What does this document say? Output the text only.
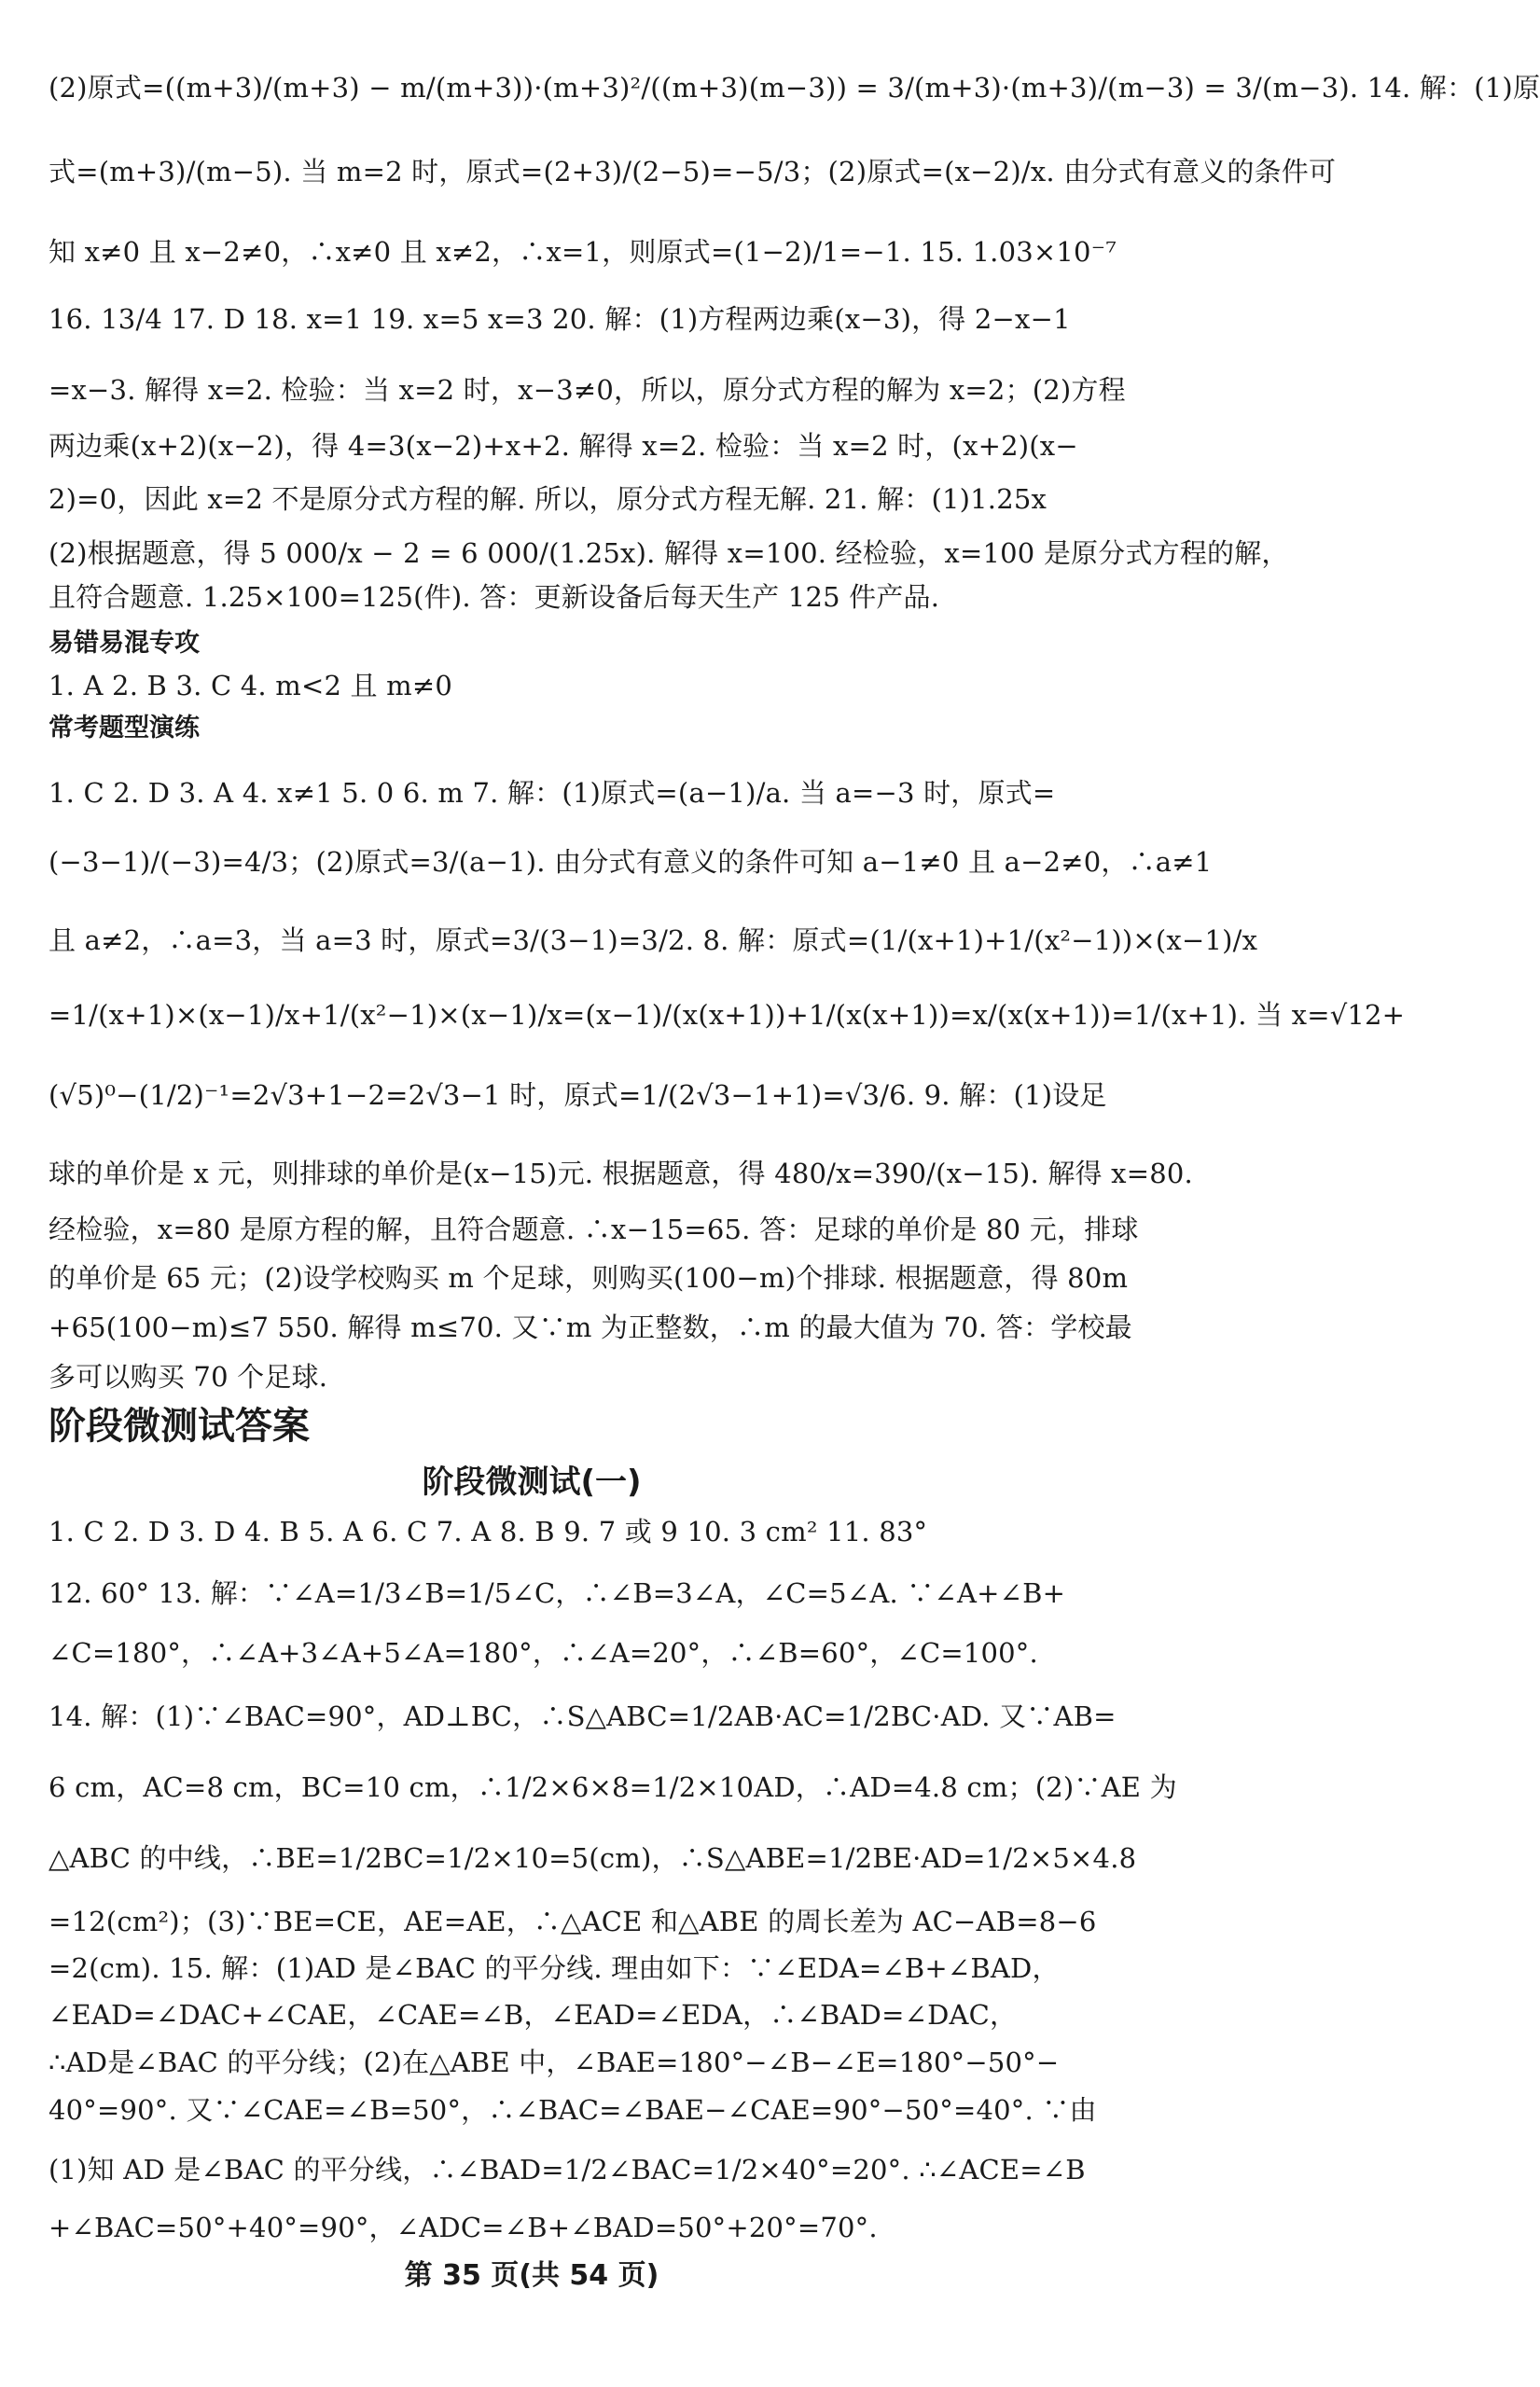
(2)原式=((m+3)/(m+3) − m/(m+3))·(m+3)²/((m+3)(m−3)) = 3/(m+3)·(m+3)/(m−3) = 3/(m−3). 14. 解：(1)原
式=(m+3)/(m−5). 当 m=2 时，原式=(2+3)/(2−5)=−5/3；(2)原式=(x−2)/x. 由分式有意义的条件可
知 x≠0 且 x−2≠0，∴x≠0 且 x≠2，∴x=1，则原式=(1−2)/1=−1. 15. 1.03×10⁻⁷
16. 13/4 17. D 18. x=1 19. x=5 x=3 20. 解：(1)方程两边乘(x−3)，得 2−x−1
=x−3. 解得 x=2. 检验：当 x=2 时，x−3≠0，所以，原分式方程的解为 x=2；(2)方程
两边乘(x+2)(x−2)，得 4=3(x−2)+x+2. 解得 x=2. 检验：当 x=2 时，(x+2)(x−
2)=0，因此 x=2 不是原分式方程的解. 所以，原分式方程无解. 21. 解：(1)1.25x
(2)根据题意，得 5 000/x − 2 = 6 000/(1.25x). 解得 x=100. 经检验，x=100 是原分式方程的解，
且符合题意. 1.25×100=125(件). 答：更新设备后每天生产 125 件产品.
易错易混专攻
1. A 2. B 3. C 4. m<2 且 m≠0
常考题型演练
1. C 2. D 3. A 4. x≠1 5. 0 6. m 7. 解：(1)原式=(a−1)/a. 当 a=−3 时，原式=
(−3−1)/(−3)=4/3；(2)原式=3/(a−1). 由分式有意义的条件可知 a−1≠0 且 a−2≠0，∴a≠1
且 a≠2，∴a=3，当 a=3 时，原式=3/(3−1)=3/2. 8. 解：原式=(1/(x+1)+1/(x²−1))×(x−1)/x
=1/(x+1)×(x−1)/x+1/(x²−1)×(x−1)/x=(x−1)/(x(x+1))+1/(x(x+1))=x/(x(x+1))=1/(x+1). 当 x=√12+
(√5)⁰−(1/2)⁻¹=2√3+1−2=2√3−1 时，原式=1/(2√3−1+1)=√3/6. 9. 解：(1)设足
球的单价是 x 元，则排球的单价是(x−15)元. 根据题意，得 480/x=390/(x−15). 解得 x=80.
经检验，x=80 是原方程的解，且符合题意. ∴x−15=65. 答：足球的单价是 80 元，排球
的单价是 65 元；(2)设学校购买 m 个足球，则购买(100−m)个排球. 根据题意，得 80m
+65(100−m)≤7 550. 解得 m≤70. 又∵m 为正整数，∴m 的最大值为 70. 答：学校最
多可以购买 70 个足球.
阶段微测试答案
阶段微测试(一)
1. C 2. D 3. D 4. B 5. A 6. C 7. A 8. B 9. 7 或 9 10. 3 cm² 11. 83°
12. 60° 13. 解：∵∠A=1/3∠B=1/5∠C，∴∠B=3∠A，∠C=5∠A. ∵∠A+∠B+
∠C=180°，∴∠A+3∠A+5∠A=180°，∴∠A=20°，∴∠B=60°，∠C=100°.
14. 解：(1)∵∠BAC=90°，AD⊥BC，∴S△ABC=1/2AB·AC=1/2BC·AD. 又∵AB=
6 cm，AC=8 cm，BC=10 cm，∴1/2×6×8=1/2×10AD，∴AD=4.8 cm；(2)∵AE 为
△ABC 的中线，∴BE=1/2BC=1/2×10=5(cm)，∴S△ABE=1/2BE·AD=1/2×5×4.8
=12(cm²)；(3)∵BE=CE，AE=AE，∴△ACE 和△ABE 的周长差为 AC−AB=8−6
=2(cm). 15. 解：(1)AD 是∠BAC 的平分线. 理由如下：∵∠EDA=∠B+∠BAD，
∠EAD=∠DAC+∠CAE，∠CAE=∠B，∠EAD=∠EDA，∴∠BAD=∠DAC，
∴AD是∠BAC 的平分线；(2)在△ABE 中，∠BAE=180°−∠B−∠E=180°−50°−
40°=90°. 又∵∠CAE=∠B=50°，∴∠BAC=∠BAE−∠CAE=90°−50°=40°. ∵由
(1)知 AD 是∠BAC 的平分线，∴∠BAD=1/2∠BAC=1/2×40°=20°. ∴∠ACE=∠B
+∠BAC=50°+40°=90°，∠ADC=∠B+∠BAD=50°+20°=70°.
第 35 页(共 54 页)
